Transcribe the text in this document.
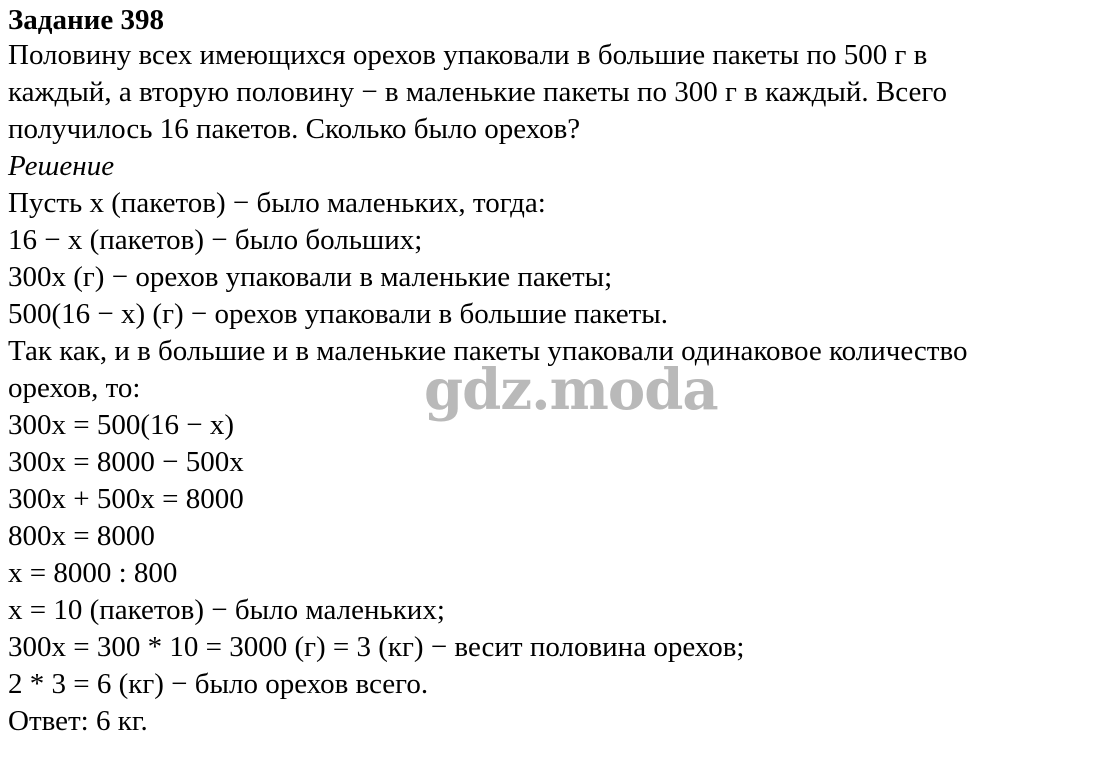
Задание 398
Половину всех имеющихся орехов упаковали в большие пакеты по 500 г в
каждый, а вторую половину − в маленькие пакеты по 300 г в каждый. Всего
получилось 16 пакетов. Сколько было орехов?
Решение
Пусть x (пакетов) − было маленьких, тогда:
16 − x (пакетов) − было больших;
300x (г) − орехов упаковали в маленькие пакеты;
500(16 − x) (г) − орехов упаковали в большие пакеты.
Так как, и в большие и в маленькие пакеты упаковали одинаковое количество
орехов, то:
300x = 500(16 − x)
300x = 8000 − 500x
300x + 500x = 8000
800x = 8000
x = 8000 : 800
x = 10 (пакетов) − было маленьких;
300x = 300 * 10 = 3000 (г) = 3 (кг) − весит половина орехов;
2 * 3 = 6 (кг) − было орехов всего.
Ответ: 6 кг.
gdz.moda
